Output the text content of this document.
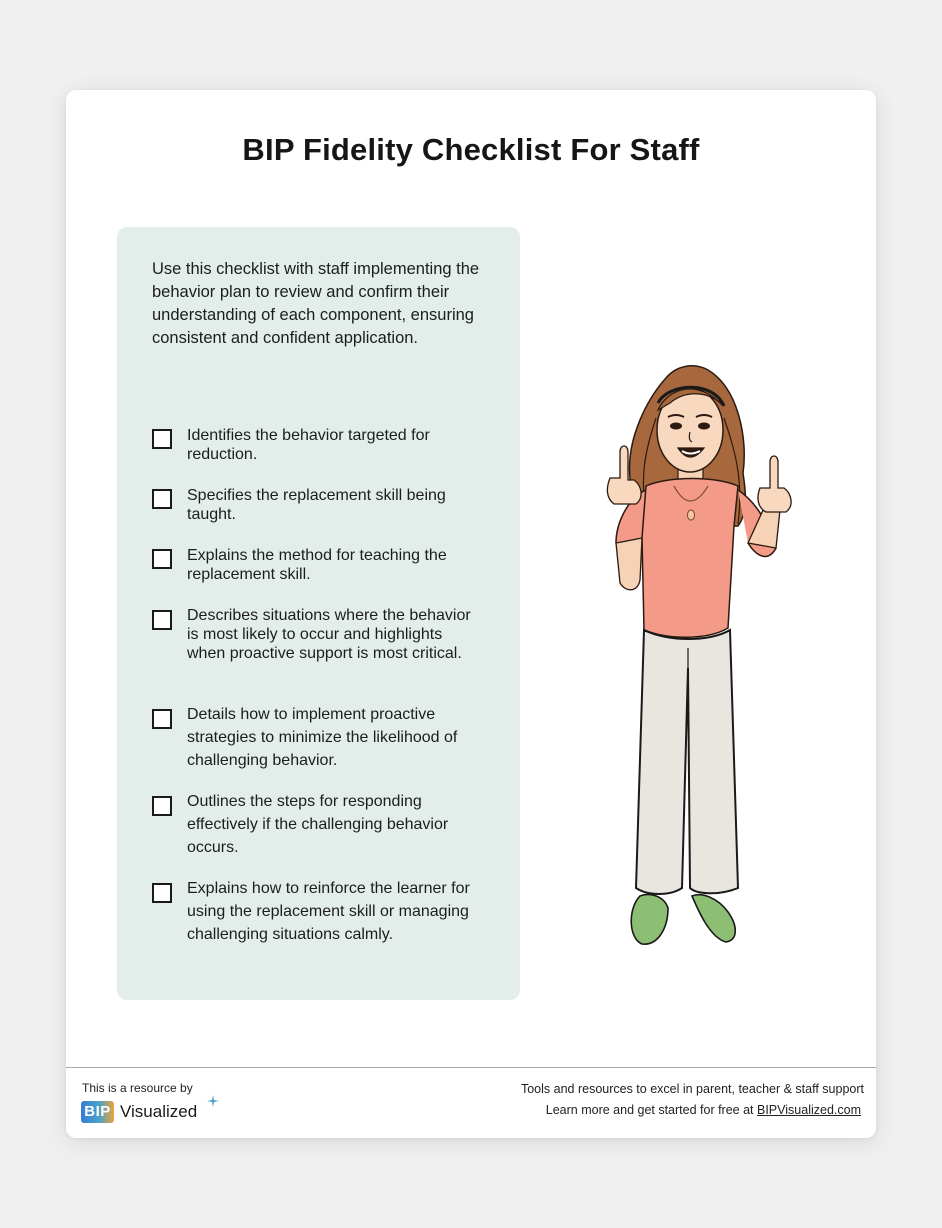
BIP Fidelity Checklist For Staff

Use this checklist with staff implementing the behavior plan to review and confirm their understanding of each component, ensuring consistent and confident application.

Identifies the behavior targeted for reduction.
Specifies the replacement skill being taught.
Explains the method for teaching the replacement skill.
Describes situations where the behavior is most likely to occur and highlights when proactive support is most critical.
Details how to implement proactive strategies to minimize the likelihood of challenging behavior.
Outlines the steps for responding effectively if the challenging behavior occurs.
Explains how to reinforce the learner for using the replacement skill or managing challenging situations calmly.
This is a resource by
BIP Visualized
Tools and resources to excel in parent, teacher & staff support
Learn more and get started for free at BIPVisualized.com
